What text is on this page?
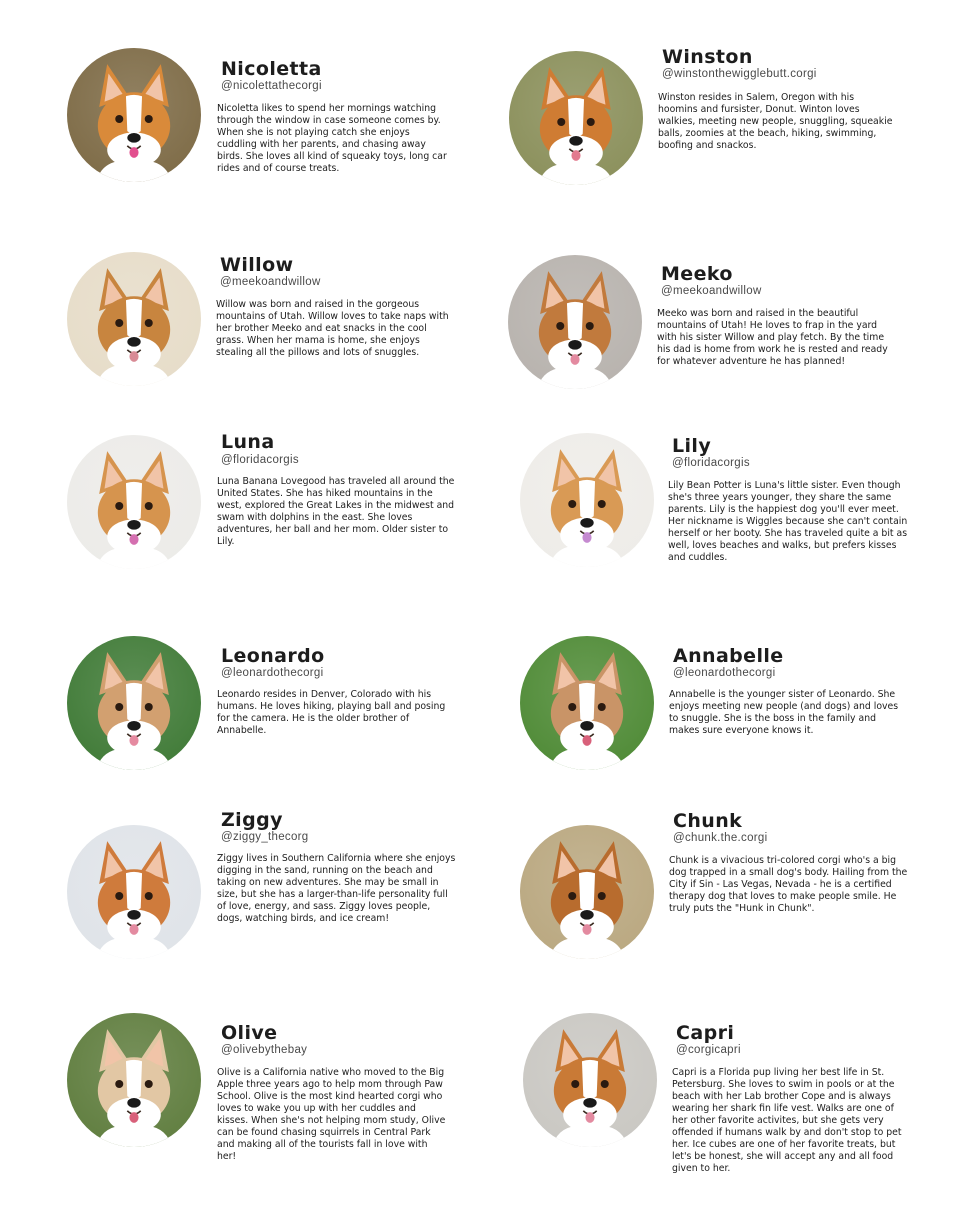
Nicoletta
@nicolettathecorgi

Nicoletta likes to spend her mornings watching through the window in case someone comes by. When she is not playing catch she enjoys cuddling with her parents, and chasing away birds. She loves all kind of squeaky toys, long car rides and of course treats.

Winston
@winstonthewigglebutt.corgi

Winston resides in Salem, Oregon with his hoomins and fursister, Donut. Winton loves walkies, meeting new people, snuggling, squeakie balls, zoomies at the beach, hiking, swimming, boofing and snackos.

Willow
@meekoandwillow

Willow was born and raised in the gorgeous mountains of Utah. Willow loves to take naps with her brother Meeko and eat snacks in the cool grass. When her mama is home, she enjoys stealing all the pillows and lots of snuggles.

Meeko
@meekoandwillow

Meeko was born and raised in the beautiful mountains of Utah! He loves to frap in the yard with his sister Willow and play fetch. By the time his dad is home from work he is rested and ready for whatever adventure he has planned!

Luna
@floridacorgis

Luna Banana Lovegood has traveled all around the United States. She has hiked mountains in the west, explored the Great Lakes in the midwest and swam with dolphins in the east. She loves adventures, her ball and her mom. Older sister to Lily.

Lily
@floridacorgis

Lily Bean Potter is Luna's little sister. Even though she's three years younger, they share the same parents. Lily is the happiest dog you'll ever meet. Her nickname is Wiggles because she can't contain herself or her booty. She has traveled quite a bit as well, loves beaches and walks, but prefers kisses and cuddles.

Leonardo
@leonardothecorgi

Leonardo resides in Denver, Colorado with his humans. He loves hiking, playing ball and posing for the camera. He is the older brother of Annabelle.

Annabelle
@leonardothecorgi

Annabelle is the younger sister of Leonardo. She enjoys meeting new people (and dogs) and loves to snuggle. She is the boss in the family and makes sure everyone knows it.

Ziggy
@ziggy_thecorg

Ziggy lives in Southern California where she enjoys digging in the sand, running on the beach and taking on new adventures. She may be small in size, but she has a larger-than-life personality full of love, energy, and sass. Ziggy loves people, dogs, watching birds, and ice cream!

Chunk
@chunk.the.corgi

Chunk is a vivacious tri-colored corgi who's a big dog trapped in a small dog's body. Hailing from the City if Sin - Las Vegas, Nevada - he is a certified therapy dog that loves to make people smile. He truly puts the "Hunk in Chunk".

Olive
@olivebythebay

Olive is a California native who moved to the Big Apple three years ago to help mom through Paw School. Olive is the most kind hearted corgi who loves to wake you up with her cuddles and kisses. When she's not helping mom study, Olive can be found chasing squirrels in Central Park and making all of the tourists fall in love with her!

Capri
@corgicapri

Capri is a Florida pup living her best life in St. Petersburg. She loves to swim in pools or at the beach with her Lab brother Cope and is always wearing her shark fin life vest. Walks are one of her other favorite activites, but she gets very offended if humans walk by and don't stop to pet her. Ice cubes are one of her favorite treats, but let's be honest, she will accept any and all food given to her.
